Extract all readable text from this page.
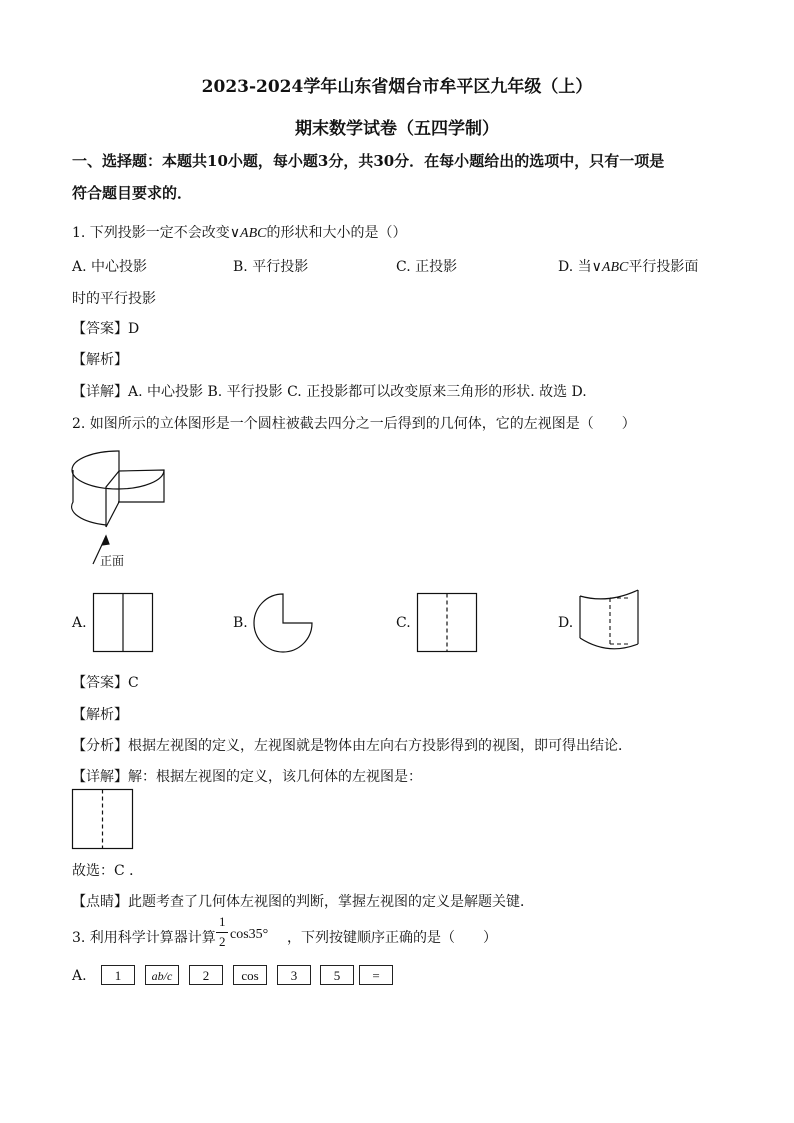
2023-2024学年山东省烟台市牟平区九年级（上）
期末数学试卷（五四学制）
一、选择题：本题共10小题，每小题3分，共30分．在每小题给出的选项中，只有一项是
符合题目要求的．
1. 下列投影一定不会改变∨ABC的形状和大小的是（）
A. 中心投影	B. 平行投影	C. 正投影	D. 当∨ABC平行投影面
时的平行投影
【答案】D
【解析】
【详解】A. 中心投影 B. 平行投影 C. 正投影都可以改变原来三角形的形状. 故选 D.
2. 如图所示的立体图形是一个圆柱被截去四分之一后得到的几何体，它的左视图是（　　）
正面
A.	B.	C.	D.
【答案】C
【解析】
【分析】根据左视图的定义，左视图就是物体由左向右方投影得到的视图，即可得出结论．
【详解】解：根据左视图的定义，该几何体的左视图是：
故选：C ．
【点睛】此题考查了几何体左视图的判断，掌握左视图的定义是解题关键．
3. 利用科学计算器计算
1
2 cos35° ，下列按键顺序正确的是（　　）
A.	1	ab/c	2	cos	3	5	=
